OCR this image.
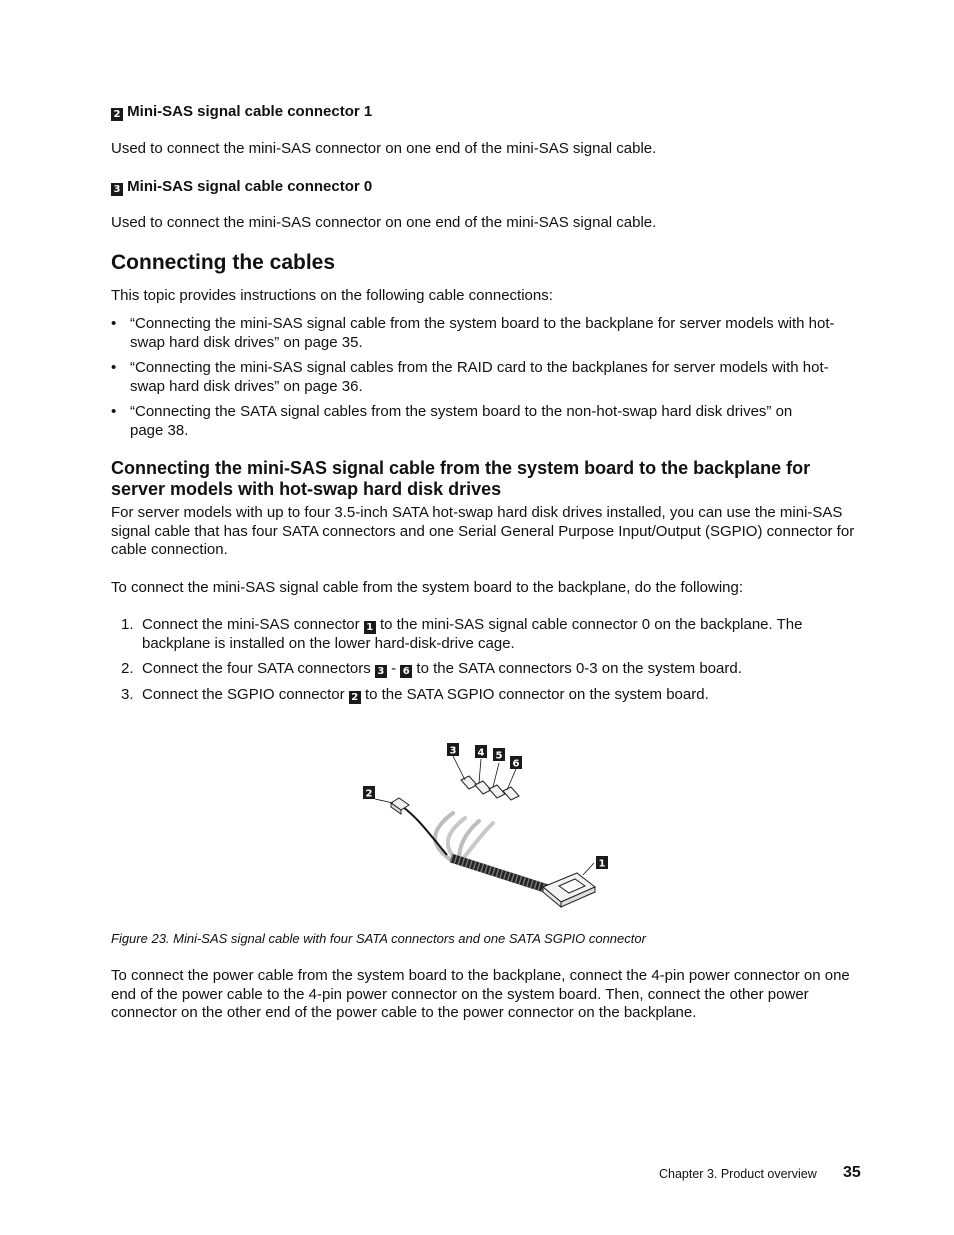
2 Mini-SAS signal cable connector 1
Used to connect the mini-SAS connector on one end of the mini-SAS signal cable.
3 Mini-SAS signal cable connector 0
Used to connect the mini-SAS connector on one end of the mini-SAS signal cable.
Connecting the cables
This topic provides instructions on the following cable connections:
• “Connecting the mini-SAS signal cable from the system board to the backplane for server models with hot-swap hard disk drives” on page 35.
• “Connecting the mini-SAS signal cables from the RAID card to the backplanes for server models with hot-swap hard disk drives” on page 36.
• “Connecting the SATA signal cables from the system board to the non-hot-swap hard disk drives” on page 38.
Connecting the mini-SAS signal cable from the system board to the backplane for server models with hot-swap hard disk drives
For server models with up to four 3.5-inch SATA hot-swap hard disk drives installed, you can use the mini-SAS signal cable that has four SATA connectors and one Serial General Purpose Input/Output (SGPIO) connector for cable connection.
To connect the mini-SAS signal cable from the system board to the backplane, do the following:
1. Connect the mini-SAS connector 1 to the mini-SAS signal cable connector 0 on the backplane. The backplane is installed on the lower hard-disk-drive cage.
2. Connect the four SATA connectors 3 - 6 to the SATA connectors 0-3 on the system board.
3. Connect the SGPIO connector 2 to the SATA SGPIO connector on the system board.
3 4 5
6
2
1
Figure 23. Mini-SAS signal cable with four SATA connectors and one SATA SGPIO connector
To connect the power cable from the system board to the backplane, connect the 4-pin power connector on one end of the power cable to the 4-pin power connector on the system board. Then, connect the other power connector on the other end of the power cable to the power connector on the backplane.
Chapter 3. Product overview 35
